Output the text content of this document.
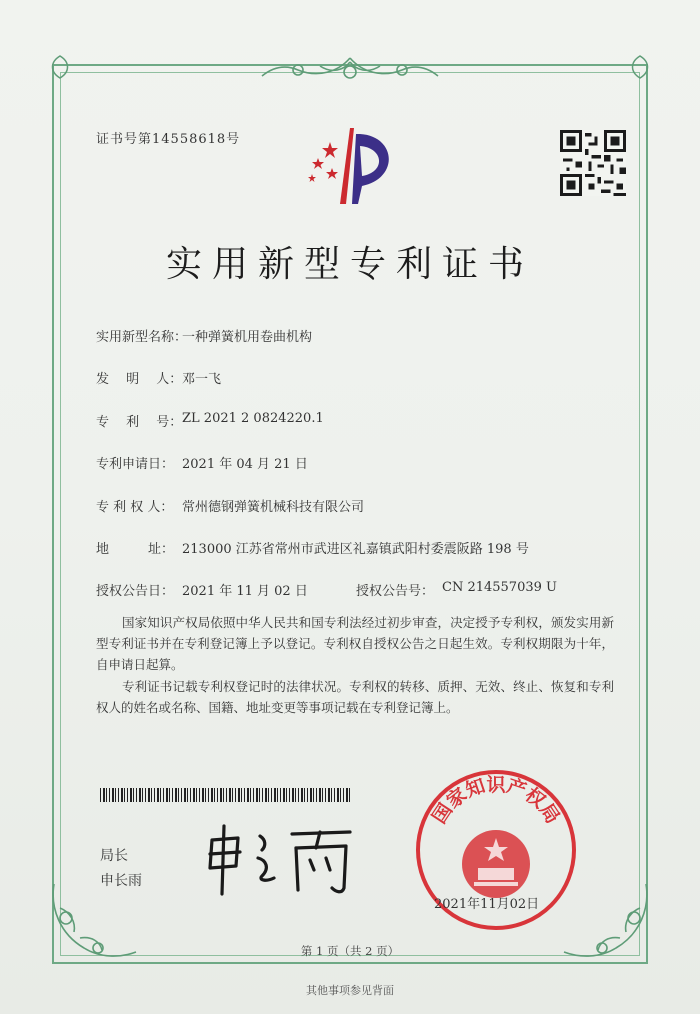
证书号第14558618号
实用新型专利证书
实用新型名称：
一种弹簧机用卷曲机构
发　 明　 人： 邓一飞
专　 利　 号： ZL 2021 2 0824220.1
专利申请日： 2021 年 04 月 21 日
专 利 权 人： 常州德钢弹簧机械科技有限公司
地　　　址： 213000 江苏省常州市武进区礼嘉镇武阳村委震阪路 198 号
授权公告日： 2021 年 11 月 02 日	授权公告号： CN 214557039 U
国家知识产权局依照中华人民共和国专利法经过初步审查，决定授予专利权，颁发实用新型专利证书并在专利登记簿上予以登记。专利权自授权公告之日起生效。专利权期限为十年，自申请日起算。
专利证书记载专利权登记时的法律状况。专利权的转移、质押、无效、终止、恢复和专利权人的姓名或名称、国籍、地址变更等事项记载在专利登记簿上。
局长
申长雨
国家知识产权局
2021年11月02日
第 1 页（共 2 页）
其他事项参见背面
